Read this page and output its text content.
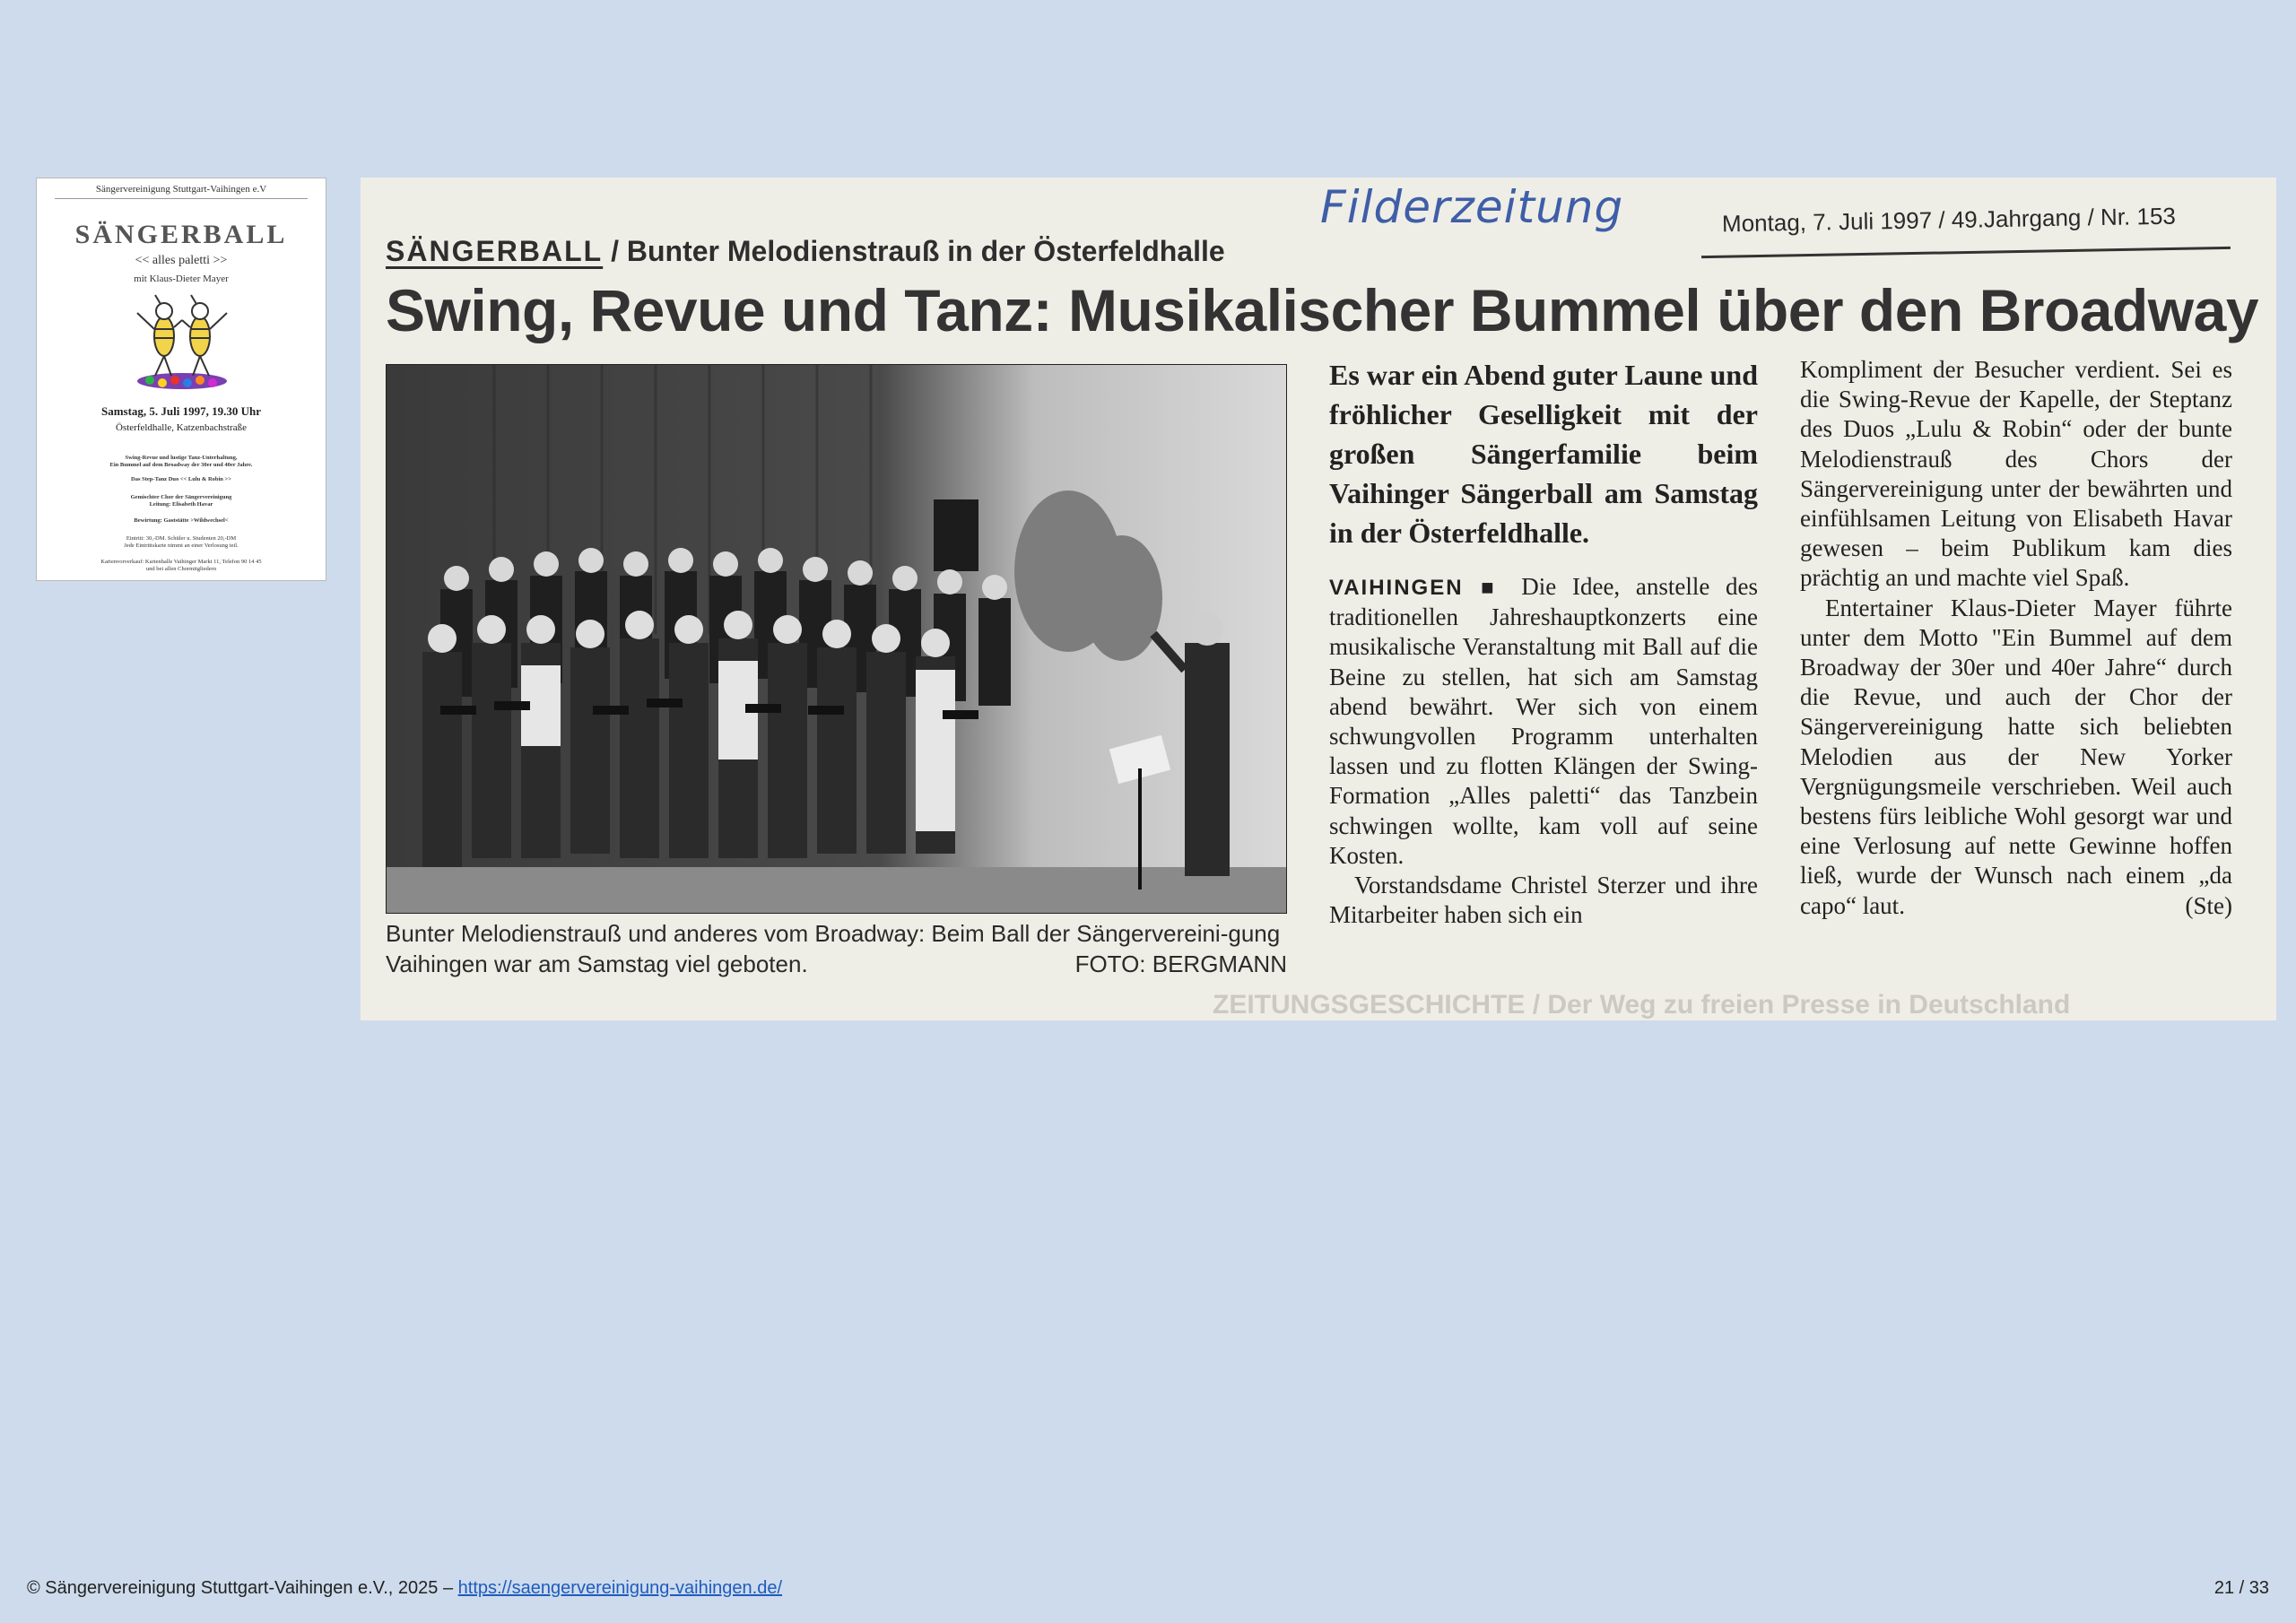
Sängervereinigung Stuttgart-Vaihingen e.V
SÄNGERBALL
<< alles paletti >>
mit Klaus-Dieter Mayer
Samstag, 5. Juli 1997, 19.30 Uhr
Österfeldhalle, Katzenbachstraße
Swing-Revue und lustige Tanz-Unterhaltung,
Ein Bummel auf dem Broadway der 30er und 40er Jahre.
Das Step-Tanz Duo << Lulu & Robin >>
Gemischter Chor der Sängervereinigung
Leitung: Elisabeth Havar
Bewirtung: Gaststätte >Wildwechsel<
Eintritt: 30,-DM. Schüler u. Studenten 20,-DM
Jede Eintrittskarte nimmt an einer Verlosung teil.
Kartenvorverkauf: Kartenhalle Vaihinger Markt 11, Telefon 90 14 45
und bei allen Chormitgliedern
Filderzeitung	Montag, 7. Juli 1997 / 49.Jahrgang / Nr. 153
SÄNGERBALL / Bunter Melodienstrauß in der Österfeldhalle
Swing, Revue und Tanz: Musikalischer Bummel über den Broadway
Bunter Melodienstrauß und anderes vom Broadway: Beim Ball der Sängervereini-gung Vaihingen war am Samstag viel geboten.	FOTO: BERGMANN

Es war ein Abend guter Laune und fröhlicher Geselligkeit mit der großen Sängerfamilie beim Vaihinger Sängerball am Samstag in der Österfeldhalle.

VAIHINGEN ■ Die Idee, anstelle des traditionellen Jahreshauptkonzerts eine musikalische Veranstaltung mit Ball auf die Beine zu stellen, hat sich am Samstag abend bewährt. Wer sich von einem schwungvollen Programm unterhalten lassen und zu flotten Klängen der Swing-Formation „Alles paletti“ das Tanzbein schwingen wollte, kam voll auf seine Kosten.

Vorstandsdame Christel Sterzer und ihre Mitarbeiter haben sich ein

Kompliment der Besucher verdient. Sei es die Swing-Revue der Kapelle, der Steptanz des Duos „Lulu & Robin“ oder der bunte Melodienstrauß des Chors der Sängervereinigung unter der bewährten und einfühlsamen Leitung von Elisabeth Havar gewesen – beim Publikum kam dies prächtig an und machte viel Spaß.

Entertainer Klaus-Dieter Mayer führte unter dem Motto "Ein Bummel auf dem Broadway der 30er und 40er Jahre“ durch die Revue, und auch der Chor der Sängervereinigung hatte sich beliebten Melodien aus der New Yorker Vergnügungsmeile verschrieben. Weil auch bestens fürs leibliche Wohl gesorgt war und eine Verlosung auf nette Gewinne hoffen ließ, wurde der Wunsch nach einem „da capo“ laut.	(Ste)

ZEITUNGSGESCHICHTE / Der Weg zu freien Presse in Deutschland
© Sängervereinigung Stuttgart-Vaihingen e.V., 2025 – https://saengervereinigung-vaihingen.de/	21 / 33
